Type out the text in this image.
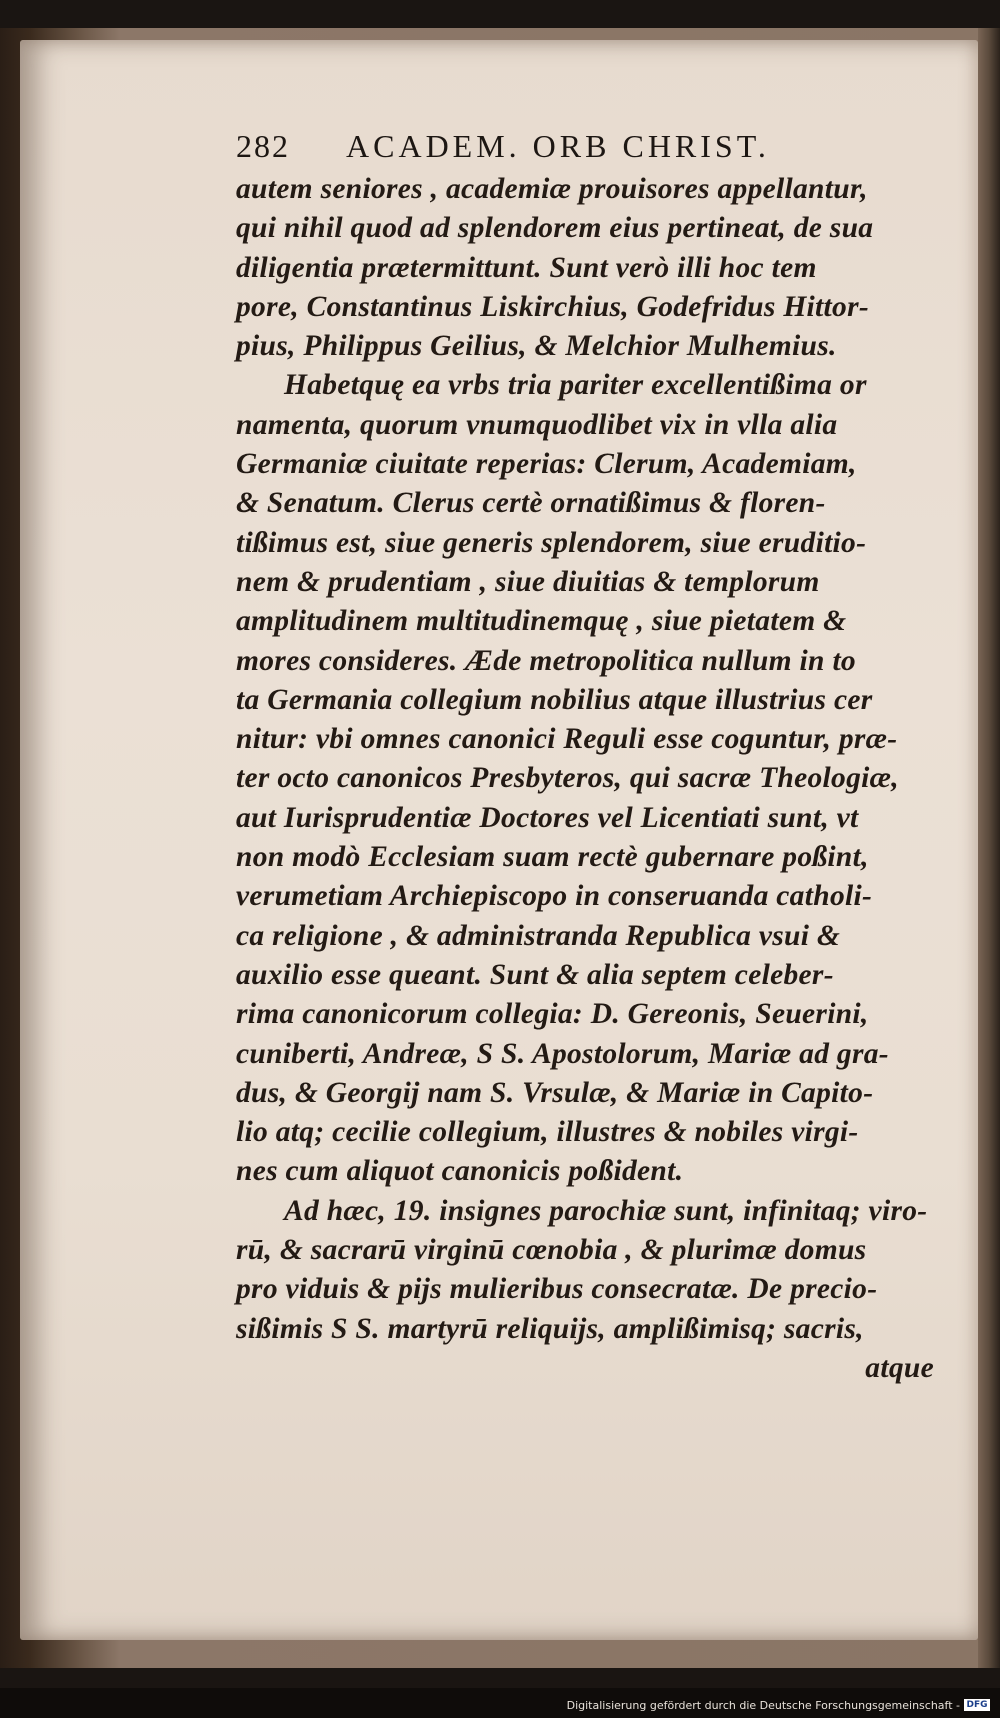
282 ACADEM. ORB CHRIST.
autem seniores , academiæ prouisores appellantur,
qui nihil quod ad splendorem eius pertineat, de sua
diligentia prætermittunt. Sunt verò illi hoc tem
pore, Constantinus Liskirchius, Godefridus Hittor-
pius, Philippus Geilius, & Melchior Mulhemius.
Habetquę ea vrbs tria pariter excellentißima or
namenta, quorum vnumquodlibet vix in vlla alia
Germaniæ ciuitate reperias: Clerum, Academiam,
& Senatum. Clerus certè ornatißimus & floren-
tißimus est, siue generis splendorem, siue eruditio-
nem & prudentiam , siue diuitias & templorum
amplitudinem multitudinemquę , siue pietatem &
mores consideres. Æde metropolitica nullum in to
ta Germania collegium nobilius atque illustrius cer
nitur: vbi omnes canonici Reguli esse coguntur, præ-
ter octo canonicos Presbyteros, qui sacræ Theologiæ,
aut Iurisprudentiæ Doctores vel Licentiati sunt, vt
non modò Ecclesiam suam rectè gubernare poßint,
verumetiam Archiepiscopo in conseruanda catholi-
ca religione , & administranda Republica vsui &
auxilio esse queant. Sunt & alia septem celeber-
rima canonicorum collegia: D. Gereonis, Seuerini,
cuniberti, Andreæ, S S. Apostolorum, Mariæ ad gra-
dus, & Georgij nam S. Vrsulæ, & Mariæ in Capito-
lio atq; cecilie collegium, illustres & nobiles virgi-
nes cum aliquot canonicis poßident.
Ad hæc, 19. insignes parochiæ sunt, infinitaq; viro-
rū, & sacrarū virginū cœnobia , & plurimæ domus
pro viduis & pijs mulieribus consecratæ. De precio-
sißimis S S. martyrū reliquijs, amplißimisq; sacris,
atque
Digitalisierung gefördert durch die Deutsche Forschungsgemeinschaft - DFG
